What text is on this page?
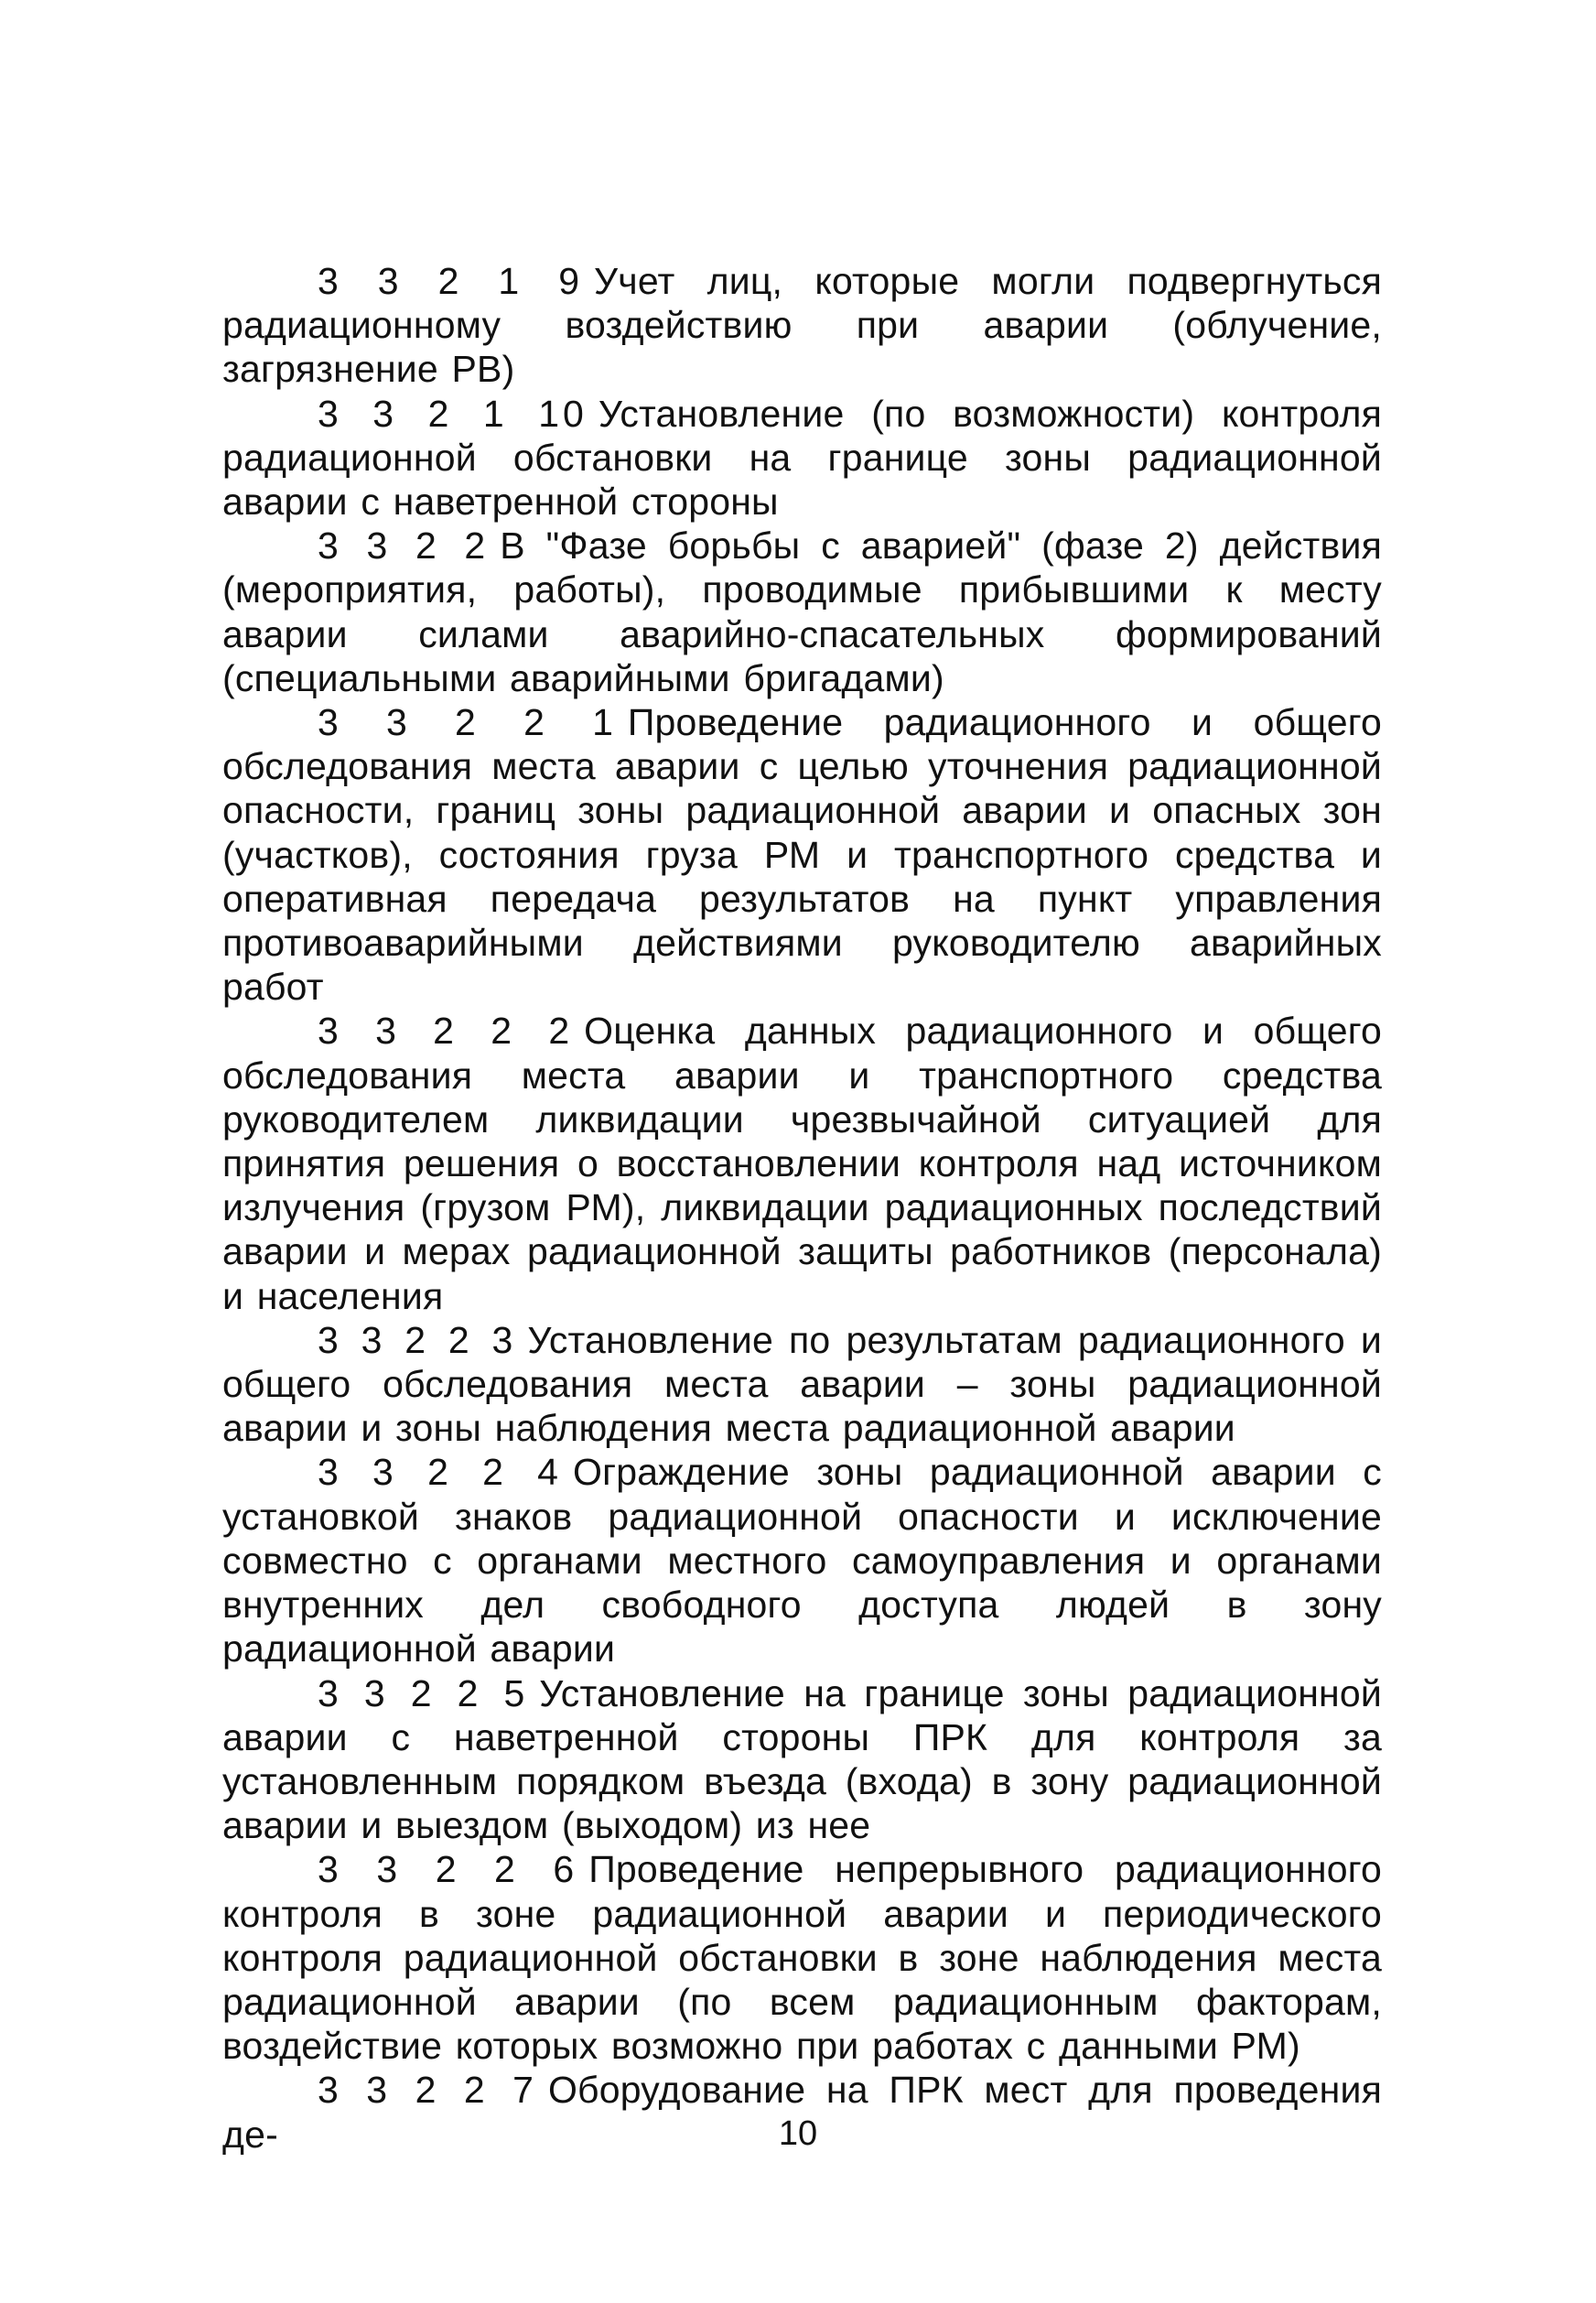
3 3 2 1 9 Учет лиц, которые могли подвергнуться радиационному воздействию при аварии (облучение, загрязнение РВ)

3 3 2 1 10 Установление (по возможности) контроля радиационной обстановки на границе зоны радиационной аварии с наветренной стороны

3 3 2 2 В "Фазе борьбы с аварией" (фазе 2) действия (мероприятия, работы), проводимые прибывшими к месту аварии силами аварийно-спасательных формирований (специальными аварийными бригадами)

3 3 2 2 1 Проведение радиационного и общего обследования места аварии с целью уточнения радиационной опасности, границ зоны радиационной аварии и опасных зон (участков), состояния груза РМ и транспортного средства и оперативная передача результатов на пункт управления противоаварийными действиями руководителю аварийных работ

3 3 2 2 2 Оценка данных радиационного и общего обследования места аварии и транспортного средства руководителем ликвидации чрезвычайной ситуацией для принятия решения о восстановлении контроля над источником излучения (грузом РМ), ликвидации радиационных последствий аварии и мерах радиационной защиты работников (персонала) и населения

3 3 2 2 3 Установление по результатам радиационного и общего обследования места аварии – зоны радиационной аварии и зоны наблюдения места радиационной аварии

3 3 2 2 4 Ограждение зоны радиационной аварии с установкой знаков радиационной опасности и исключение совместно с органами местного самоуправления и органами внутренних дел свободного доступа людей в зону радиационной аварии

3 3 2 2 5 Установление на границе зоны радиационной аварии с наветренной стороны ПРК для контроля за установленным порядком въезда (входа) в зону радиационной аварии и выездом (выходом) из нее

3 3 2 2 6 Проведение непрерывного радиационного контроля в зоне радиационной аварии и периодического контроля радиационной обстановки в зоне наблюдения места радиационной аварии (по всем радиационным факторам, воздействие которых возможно при работах с данными РМ)

3 3 2 2 7 Оборудование на ПРК мест для проведения де-	10
